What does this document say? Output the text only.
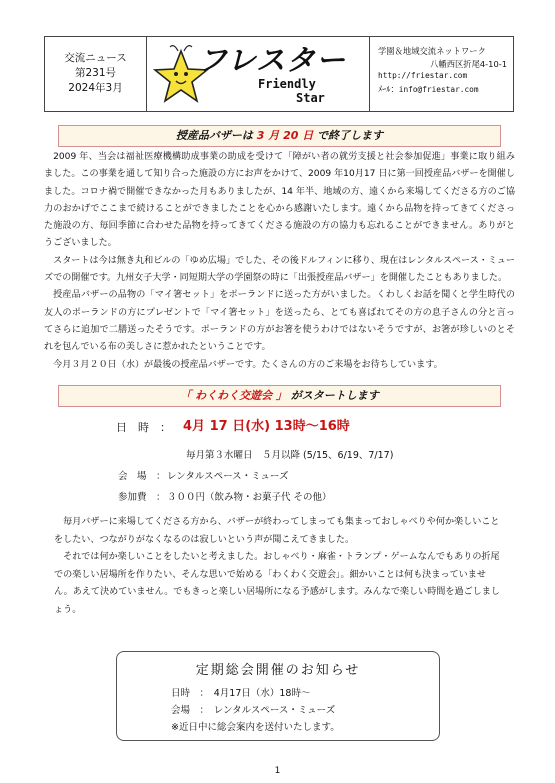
交流ニュース
第231号
2024年3月
フレスター
Friendly
Star
学園＆地域交流ネットワーク
八幡西区折尾4-10-1
http://friestar.com
ﾒｰﾙ：info@friestar.com
授産品バザーは 3 月 20 日 で終了します
2009 年、当会は福祉医療機構助成事業の助成を受けて「障がい者の就労支援と社会参加促進」事業に取り組みました。この事業を通して知り合った施設の方にお声をかけて、2009 年10月17 日に第一回授産品バザーを開催しました。コロナ禍で開催できなかった月もありましたが、14 年半、地域の方、遠くから来場してくださる方のご協力のおかげでここまで続けることができましたことを心から感謝いたします。遠くから品物を持ってきてくださった施設の方、毎回季節に合わせた品物を持ってきてくださる施設の方の協力も忘れることができません。ありがとうございました。
スタートは今は無き丸和ビルの「ゆめ広場」でした、その後ドルフィンに移り、現在はレンタルスペース・ミューズでの開催です。九州女子大学・同短期大学の学園祭の時に「出張授産品バザー」を開催したこともありました。
授産品バザーの品物の「マイ箸セット」をポーランドに送った方がいました。くわしくお話を聞くと学生時代の友人のポーランドの方にプレゼントで「マイ箸セット」を送ったら、とても喜ばれてその方の息子さんの分と言ってさらに追加で二膳送ったそうです。ポーランドの方がお箸を使うわけではないそうですが、お箸が珍しいのとそれを包んでいる布の美しさに惹かれたということです。
今月３月２０日（水）が最後の授産品バザーです。たくさんの方のご来場をお待ちしています。
「 わくわく交遊会 」 がスタートします
日　時　： 4月 17 日(水) 13時～16時
毎月第３水曜日　５月以降 (5/15、6/19、7/17)
会　場　： レンタルスペース・ミューズ
参加費　： ３００円（飲み物・お菓子代 その他）
毎月バザーに来場してくださる方から、バザーが終わってしまっても集まっておしゃべりや何か楽しいことをしたい、つながりがなくなるのは寂しいという声が聞こえてきました。
それでは何か楽しいことをしたいと考えました。おしゃべり・麻雀・トランプ・ゲームなんでもありの折尾での楽しい居場所を作りたい、そんな思いで始める「わくわく交遊会」。細かいことは何も決まっていません。あえて決めていません。でもきっと楽しい居場所になる予感がします。みんなで楽しい時間を過ごしましょう。
定期総会開催のお知らせ
日時　：　4月17日（水）18時～
会場　：　レンタルスペース・ミューズ
※近日中に総会案内を送付いたします。
1
